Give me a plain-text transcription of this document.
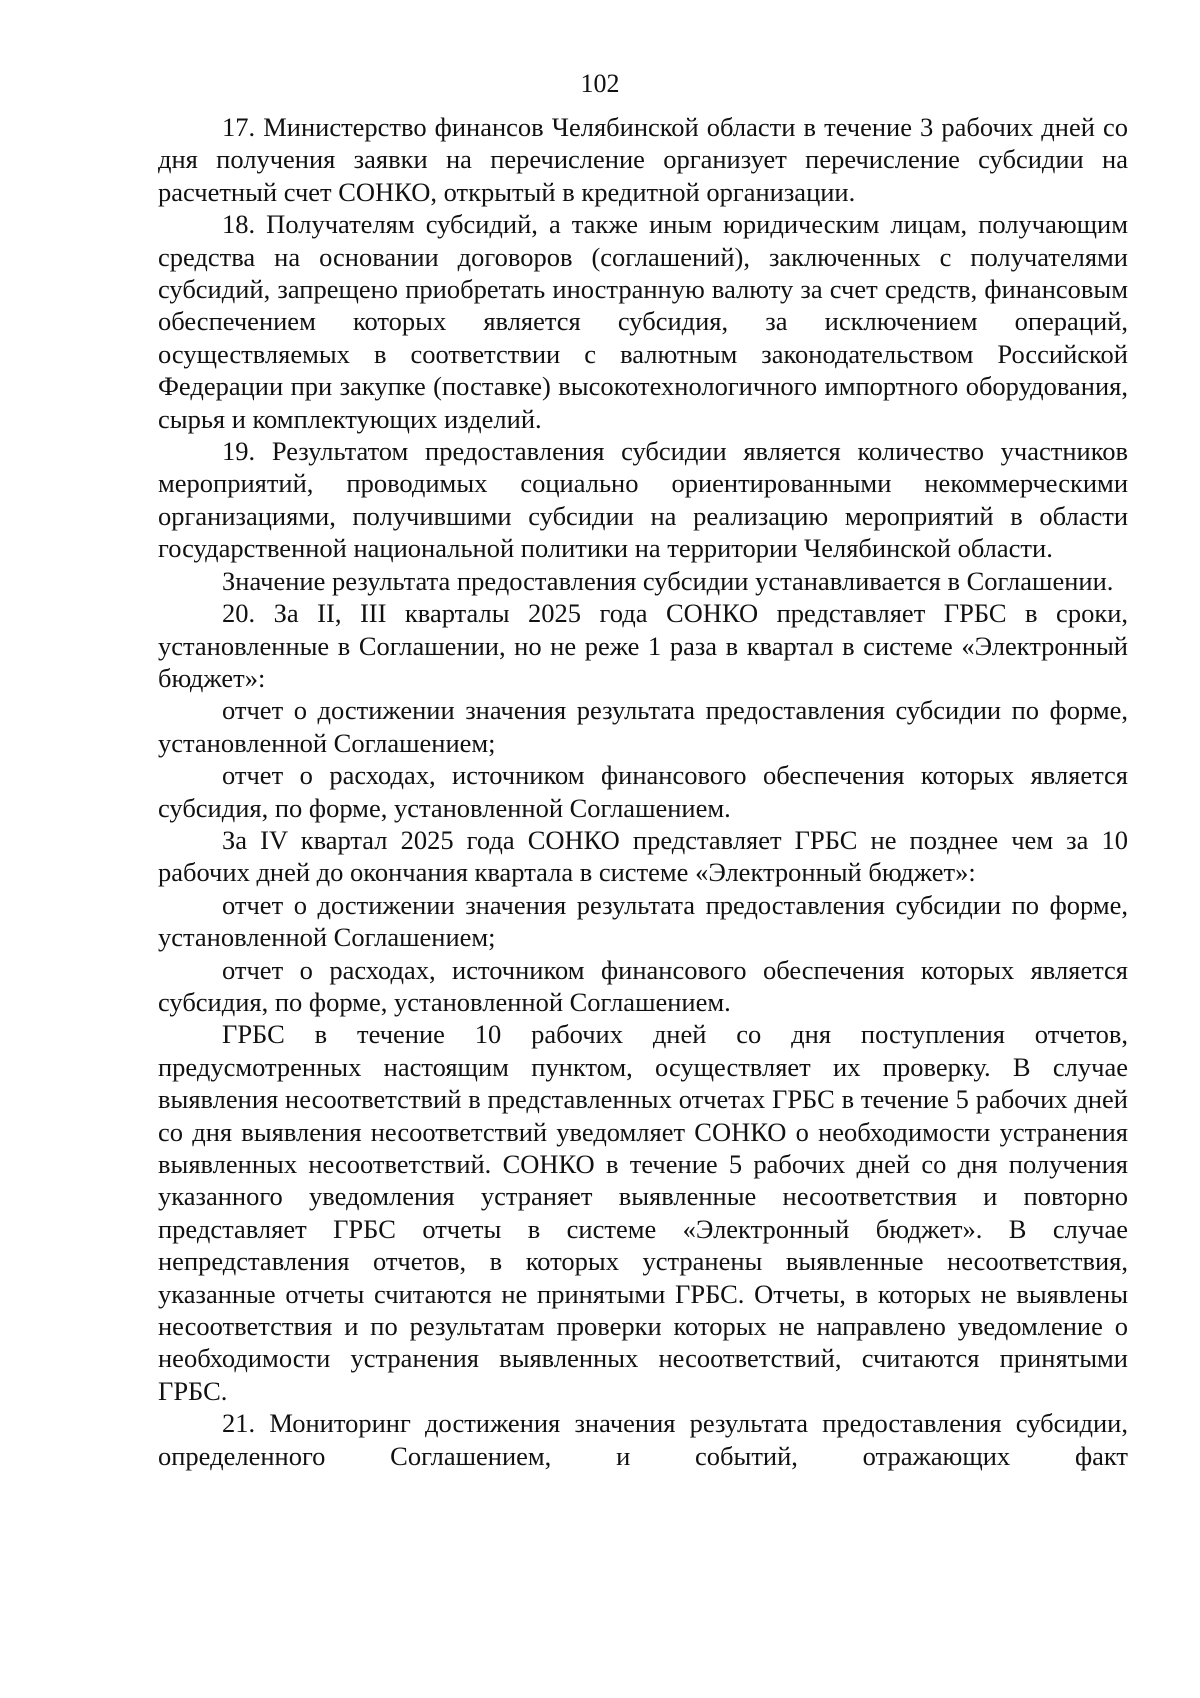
102

17. Министерство финансов Челябинской области в течение 3 рабочих дней со дня получения заявки на перечисление организует перечисление субсидии на расчетный счет СОНКО, открытый в кредитной организации.

18. Получателям субсидий, а также иным юридическим лицам, получающим средства на основании договоров (соглашений), заключенных с получателями субсидий, запрещено приобретать иностранную валюту за счет средств, финансовым обеспечением которых является субсидия, за исключением операций, осуществляемых в соответствии с валютным законодательством Российской Федерации при закупке (поставке) высокотехнологичного импортного оборудования, сырья и комплектующих изделий.

19. Результатом предоставления субсидии является количество участников мероприятий, проводимых социально ориентированными некоммерческими организациями, получившими субсидии на реализацию мероприятий в области государственной национальной политики на территории Челябинской области.

Значение результата предоставления субсидии устанавливается в Соглашении.

20. За II, III кварталы 2025 года СОНКО представляет ГРБС в сроки, установленные в Соглашении, но не реже 1 раза в квартал в системе «Электронный бюджет»:

отчет о достижении значения результата предоставления субсидии по форме, установленной Соглашением;

отчет о расходах, источником финансового обеспечения которых является субсидия, по форме, установленной Соглашением.

За IV квартал 2025 года СОНКО представляет ГРБС не позднее чем за 10 рабочих дней до окончания квартала в системе «Электронный бюджет»:

отчет о достижении значения результата предоставления субсидии по форме, установленной Соглашением;

отчет о расходах, источником финансового обеспечения которых является субсидия, по форме, установленной Соглашением.

ГРБС в течение 10 рабочих дней со дня поступления отчетов, предусмотренных настоящим пунктом, осуществляет их проверку. В случае выявления несоответствий в представленных отчетах ГРБС в течение 5 рабочих дней со дня выявления несоответствий уведомляет СОНКО о необходимости устранения выявленных несоответствий. СОНКО в течение 5 рабочих дней со дня получения указанного уведомления устраняет выявленные несоответствия и повторно представляет ГРБС отчеты в системе «Электронный бюджет». В случае непредставления отчетов, в которых устранены выявленные несоответствия, указанные отчеты считаются не принятыми ГРБС. Отчеты, в которых не выявлены несоответствия и по результатам проверки которых не направлено уведомление о необходимости устранения выявленных несоответствий, считаются принятыми ГРБС.

21. Мониторинг достижения значения результата предоставления субсидии, определенного Соглашением, и событий, отражающих факт
